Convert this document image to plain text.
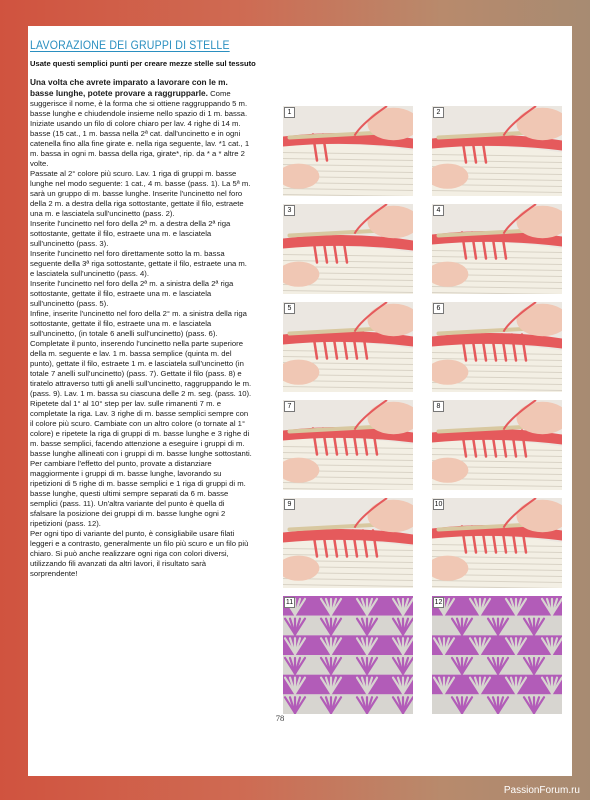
LAVORAZIONE DEI GRUPPI DI STELLE
Usate questi semplici punti per creare mezze stelle sul tessuto

Una volta che avrete imparato a lavorare con le m. basse lunghe, potete provare a raggrupparle. Come suggerisce il nome, è la forma che si ottiene raggruppando 5 m. basse lunghe e chiudendole insieme nello spazio di 1 m. bassa. Iniziate usando un filo di colore chiaro per lav. 4 righe di 14 m. basse (15 cat., 1 m. bassa nella 2ª cat. dall'uncinetto e in ogni catenella fino alla fine girate e. nella riga seguente, lav. *1 cat., 1 m. bassa in ogni m. bassa della riga, girate*, rip. da * a * altre 2 volte.

Passate al 2° colore più scuro. Lav. 1 riga di gruppi m. basse lunghe nel modo seguente: 1 cat., 4 m. basse (pass. 1). La 5ª m. sarà un gruppo di m. basse lunghe. Inserite l'uncinetto nel foro della 2 m. a destra della riga sottostante, gettate il filo, estraete una m. e lasciatela sull'uncinetto (pass. 2).

Inserite l'uncinetto nel foro della 2ª m. a destra della 2ª riga sottostante, gettate il filo, estraete una m. e lasciatela sull'uncinetto (pass. 3).

Inserite l'uncinetto nel foro direttamente sotto la m. bassa seguente della 3ª riga sottostante, gettate il filo, estraete una m. e lasciatela sull'uncinetto (pass. 4).

Inserite l'uncinetto nel foro della 2ª m. a sinistra della 2ª riga sottostante, gettate il filo, estraete una m. e lasciatela sull'uncinetto (pass. 5).

Infine, inserite l'uncinetto nel foro della 2° m. a sinistra della riga sottostante, gettate il filo, estraete una m. e lasciatela sull'uncinetto, (in totale 6 anelli sull'uncinetto) (pass. 6).

Completate il punto, inserendo l'uncinetto nella parte superiore della m. seguente e lav. 1 m. bassa semplice (quinta m. del punto), gettate il filo, estraete 1 m. e lasciatela sull'uncinetto (in totale 7 anelli sull'uncinetto) (pass. 7). Gettate il filo (pass. 8) e tiratelo attraverso tutti gli anelli sull'uncinetto, raggruppando le m. (pass. 9). Lav. 1 m. bassa su ciascuna delle 2 m. seg. (pass. 10).

Ripetete dal 1° al 10° step per lav. sulle rimanenti 7 m. e completate la riga. Lav. 3 righe di m. basse semplici sempre con il colore più scuro. Cambiate con un altro colore (o tornate al 1° colore) e ripetete la riga di gruppi di m. basse lunghe e 3 righe di m. basse semplici, facendo attenzione a eseguire i gruppi di m. basse lunghe allineati con i gruppi di m. basse lunghe sottostanti.

Per cambiare l'effetto del punto, provate a distanziare maggiormente i gruppi di m. basse lunghe, lavorando su ripetizioni di 5 righe di m. basse semplici e 1 riga di gruppi di m. basse lunghe, questi ultimi sempre separati da 6 m. basse semplici (pass. 11). Un'altra variante del punto è quella di sfalsare la posizione dei gruppi di m. basse lunghe ogni 2 ripetizioni (pass. 12).

Per ogni tipo di variante del punto, è consigliabile usare filati leggeri e a contrasto, generalmente un filo più scuro e un filo più chiaro. Si può anche realizzare ogni riga con colori diversi, utilizzando fili avanzati da altri lavori, il risultato sarà sorprendente!

1	2
3	4
5	6
7	8
9	10
11	12
78
PassionForum.ru
